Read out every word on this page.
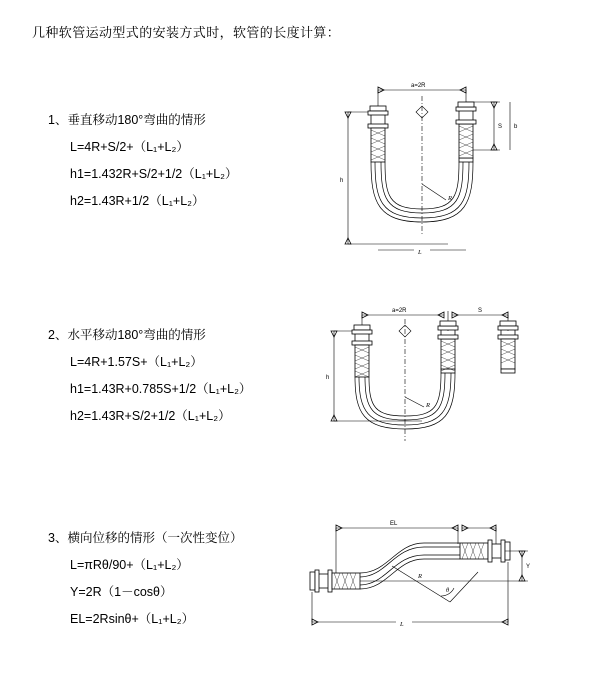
几种软管运动型式的安装方式时，软管的长度计算：
1、垂直移动180°弯曲的情形
L=4R+S/2+（L₁+L₂）
h1=1.432R+S/2+1/2（L₁+L₂）
h2=1.43R+1/2（L₁+L₂）
a=2R
h
S b
R
L
2、水平移动180°弯曲的情形
L=4R+1.57S+（L₁+L₂）
h1=1.43R+0.785S+1/2（L₁+L₂）
h2=1.43R+S/2+1/2（L₁+L₂）
a=2R	S
h
R
3、横向位移的情形（一次性变位）
L=πRθ/90+（L₁+L₂）
Y=2R（1－cosθ）
EL=2Rsinθ+（L₁+L₂）
EL
Y
θ
R
L
